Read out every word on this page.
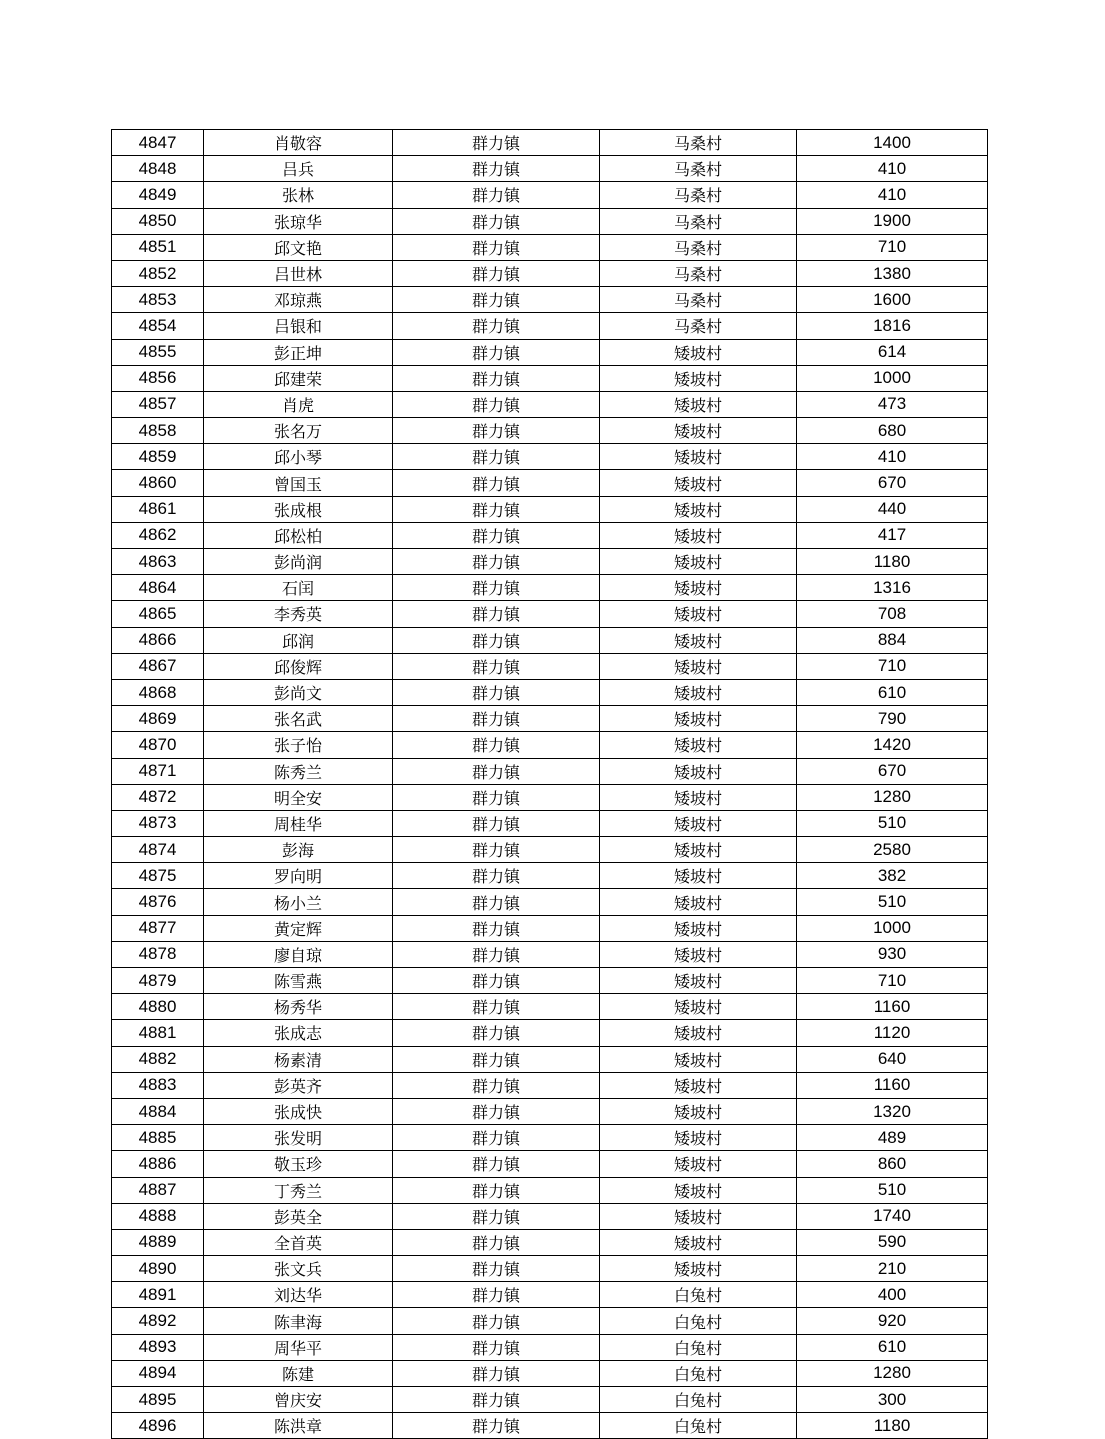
4847	肖敬容	群力镇	马桑村	1400
4848	吕兵	群力镇	马桑村	410
4849	张林	群力镇	马桑村	410
4850	张琼华	群力镇	马桑村	1900
4851	邱文艳	群力镇	马桑村	710
4852	吕世林	群力镇	马桑村	1380
4853	邓琼燕	群力镇	马桑村	1600
4854	吕银和	群力镇	马桑村	1816
4855	彭正坤	群力镇	矮坡村	614
4856	邱建荣	群力镇	矮坡村	1000
4857	肖虎	群力镇	矮坡村	473
4858	张名万	群力镇	矮坡村	680
4859	邱小琴	群力镇	矮坡村	410
4860	曾国玉	群力镇	矮坡村	670
4861	张成根	群力镇	矮坡村	440
4862	邱松柏	群力镇	矮坡村	417
4863	彭尚润	群力镇	矮坡村	1180
4864	石闰	群力镇	矮坡村	1316
4865	李秀英	群力镇	矮坡村	708
4866	邱润	群力镇	矮坡村	884
4867	邱俊辉	群力镇	矮坡村	710
4868	彭尚文	群力镇	矮坡村	610
4869	张名武	群力镇	矮坡村	790
4870	张子怡	群力镇	矮坡村	1420
4871	陈秀兰	群力镇	矮坡村	670
4872	明全安	群力镇	矮坡村	1280
4873	周桂华	群力镇	矮坡村	510
4874	彭海	群力镇	矮坡村	2580
4875	罗向明	群力镇	矮坡村	382
4876	杨小兰	群力镇	矮坡村	510
4877	黄定辉	群力镇	矮坡村	1000
4878	廖自琼	群力镇	矮坡村	930
4879	陈雪燕	群力镇	矮坡村	710
4880	杨秀华	群力镇	矮坡村	1160
4881	张成志	群力镇	矮坡村	1120
4882	杨素清	群力镇	矮坡村	640
4883	彭英齐	群力镇	矮坡村	1160
4884	张成快	群力镇	矮坡村	1320
4885	张发明	群力镇	矮坡村	489
4886	敬玉珍	群力镇	矮坡村	860
4887	丁秀兰	群力镇	矮坡村	510
4888	彭英全	群力镇	矮坡村	1740
4889	全首英	群力镇	矮坡村	590
4890	张文兵	群力镇	矮坡村	210
4891	刘达华	群力镇	白兔村	400
4892	陈聿海	群力镇	白兔村	920
4893	周华平	群力镇	白兔村	610
4894	陈建	群力镇	白兔村	1280
4895	曾庆安	群力镇	白兔村	300
4896	陈洪章	群力镇	白兔村	1180
